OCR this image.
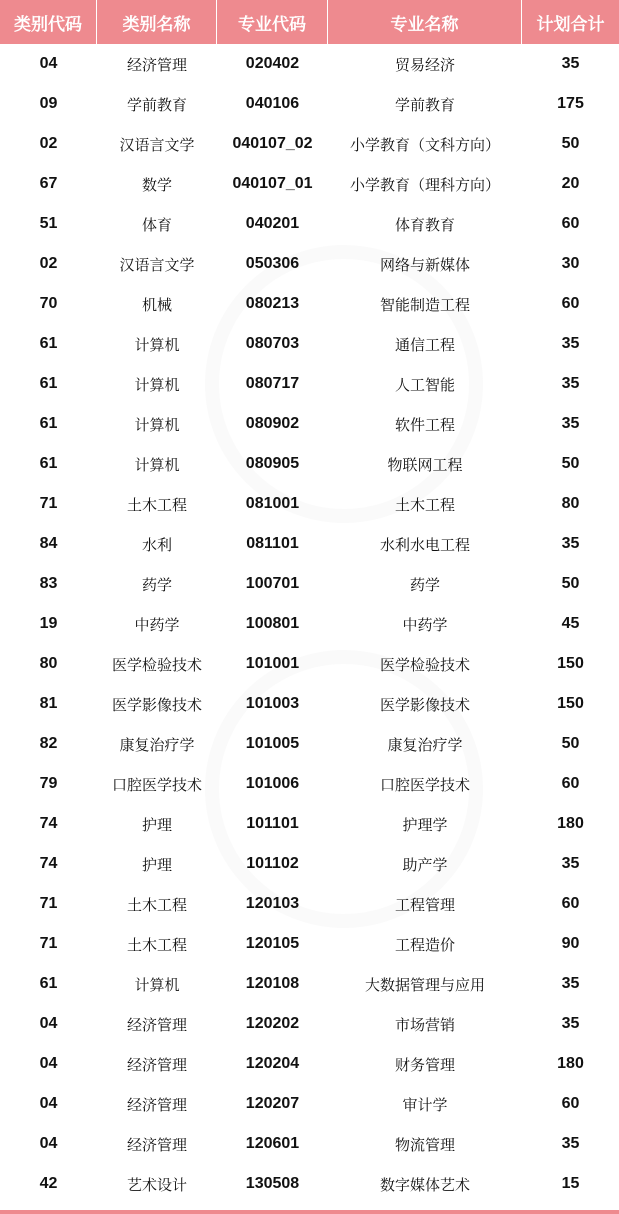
类别代码	类别名称	专业代码	专业名称	计划合计
04	经济管理	020402	贸易经济	35
09	学前教育	040106	学前教育	175
02	汉语言文学	040107_02	小学教育（文科方向）	50
67	数学	040107_01	小学教育（理科方向）	20
51	体育	040201	体育教育	60
02	汉语言文学	050306	网络与新媒体	30
70	机械	080213	智能制造工程	60
61	计算机	080703	通信工程	35
61	计算机	080717	人工智能	35
61	计算机	080902	软件工程	35
61	计算机	080905	物联网工程	50
71	土木工程	081001	土木工程	80
84	水利	081101	水利水电工程	35
83	药学	100701	药学	50
19	中药学	100801	中药学	45
80	医学检验技术	101001	医学检验技术	150
81	医学影像技术	101003	医学影像技术	150
82	康复治疗学	101005	康复治疗学	50
79	口腔医学技术	101006	口腔医学技术	60
74	护理	101101	护理学	180
74	护理	101102	助产学	35
71	土木工程	120103	工程管理	60
71	土木工程	120105	工程造价	90
61	计算机	120108	大数据管理与应用	35
04	经济管理	120202	市场营销	35
04	经济管理	120204	财务管理	180
04	经济管理	120207	审计学	60
04	经济管理	120601	物流管理	35
42	艺术设计	130508	数字媒体艺术	15
